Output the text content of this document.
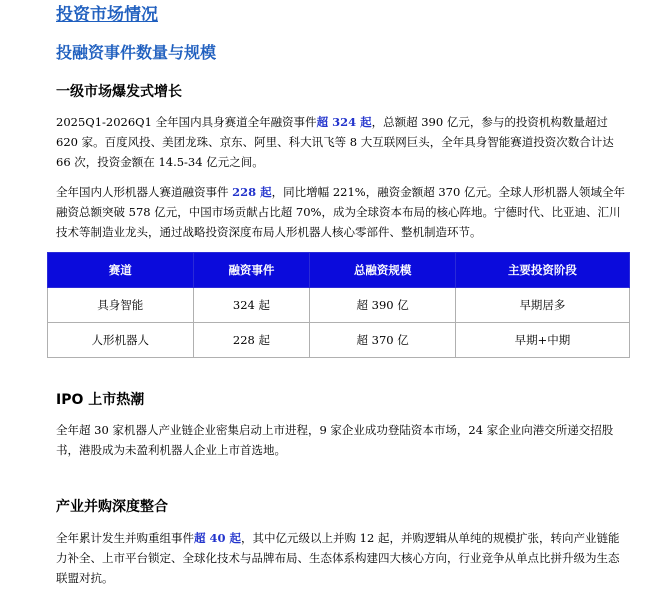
投资市场情况
投融资事件数量与规模
一级市场爆发式增长
2025Q1-2026Q1 全年国内具身赛道全年融资事件超 324 起，总额超 390 亿元，参与的投资机构数量超过 620 家。百度风投、美团龙珠、京东、阿里、科大讯飞等 8 大互联网巨头，全年具身智能赛道投资次数合计达 66 次，投资金额在 14.5-34 亿元之间。
全年国内人形机器人赛道融资事件 228 起，同比增幅 221%，融资金额超 370 亿元。全球人形机器人领域全年融资总额突破 578 亿元，中国市场贡献占比超 70%，成为全球资本布局的核心阵地。宁德时代、比亚迪、汇川技术等制造业龙头，通过战略投资深度布局人形机器人核心零部件、整机制造环节。
赛道	融资事件	总融资规模	主要投资阶段
具身智能	324 起	超 390 亿	早期居多
人形机器人	228 起	超 370 亿	早期+中期
IPO 上市热潮
全年超 30 家机器人产业链企业密集启动上市进程，9 家企业成功登陆资本市场，24 家企业向港交所递交招股书，港股成为未盈利机器人企业上市首选地。
产业并购深度整合
全年累计发生并购重组事件超 40 起，其中亿元级以上并购 12 起，并购逻辑从单纯的规模扩张，转向产业链能力补全、上市平台锁定、全球化技术与品牌布局、生态体系构建四大核心方向，行业竞争从单点比拼升级为生态联盟对抗。
